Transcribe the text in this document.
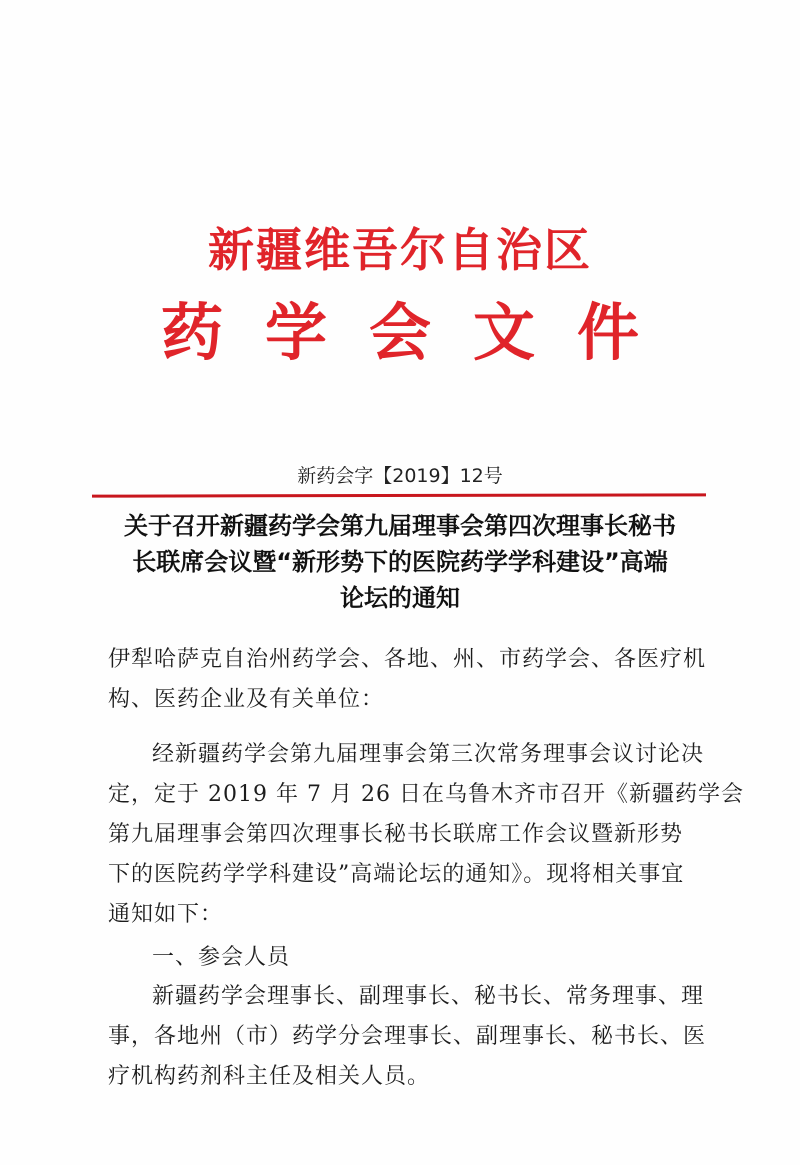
新疆维吾尔自治区
药学会文件
新药会字【2019】12号
关于召开新疆药学会第九届理事会第四次理事长秘书
长联席会议暨“新形势下的医院药学学科建设”高端
论坛的通知
伊犁哈萨克自治州药学会、各地、州、市药学会、各医疗机
构、医药企业及有关单位：
经新疆药学会第九届理事会第三次常务理事会议讨论决
定，定于 2019 年 7 月 26 日在乌鲁木齐市召开《新疆药学会
第九届理事会第四次理事长秘书长联席工作会议暨新形势
下的医院药学学科建设”高端论坛的通知》。现将相关事宜
通知如下：
一、参会人员
新疆药学会理事长、副理事长、秘书长、常务理事、理
事，各地州（市）药学分会理事长、副理事长、秘书长、医
疗机构药剂科主任及相关人员。
